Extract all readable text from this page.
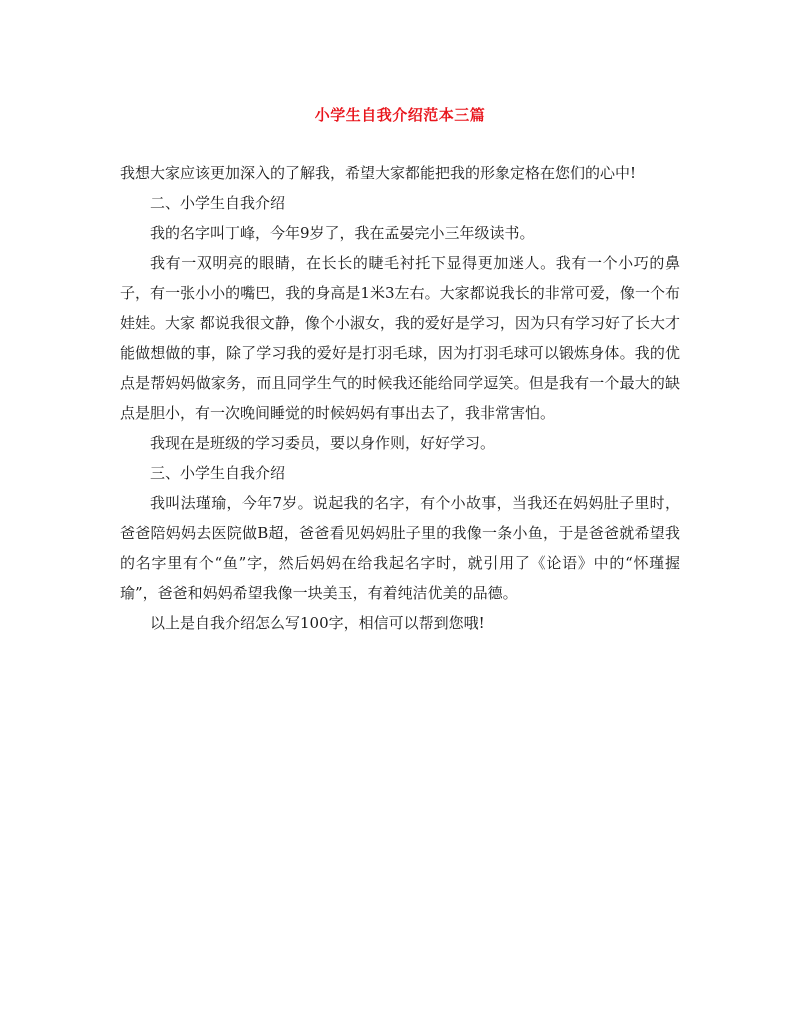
小学生自我介绍范本三篇

我想大家应该更加深入的了解我，希望大家都能把我的形象定格在您们的心中!

二、小学生自我介绍

我的名字叫丁峰，今年9岁了，我在孟晏完小三年级读书。

我有一双明亮的眼睛，在长长的睫毛衬托下显得更加迷人。我有一个小巧的鼻子，有一张小小的嘴巴，我的身高是1米3左右。大家都说我长的非常可爱，像一个布娃娃。大家 都说我很文静，像个小淑女，我的爱好是学习，因为只有学习好了长大才能做想做的事，除了学习我的爱好是打羽毛球，因为打羽毛球可以锻炼身体。我的优点是帮妈妈做家务，而且同学生气的时候我还能给同学逗笑。但是我有一个最大的缺点是胆小，有一次晚间睡觉的时候妈妈有事出去了，我非常害怕。

我现在是班级的学习委员，要以身作则，好好学习。

三、小学生自我介绍

我叫法瑾瑜，今年7岁。说起我的名字，有个小故事，当我还在妈妈肚子里时，爸爸陪妈妈去医院做B超，爸爸看见妈妈肚子里的我像一条小鱼，于是爸爸就希望我的名字里有个“鱼”字，然后妈妈在给我起名字时，就引用了《论语》中的“怀瑾握瑜”，爸爸和妈妈希望我像一块美玉，有着纯洁优美的品德。

以上是自我介绍怎么写100字，相信可以帮到您哦!
